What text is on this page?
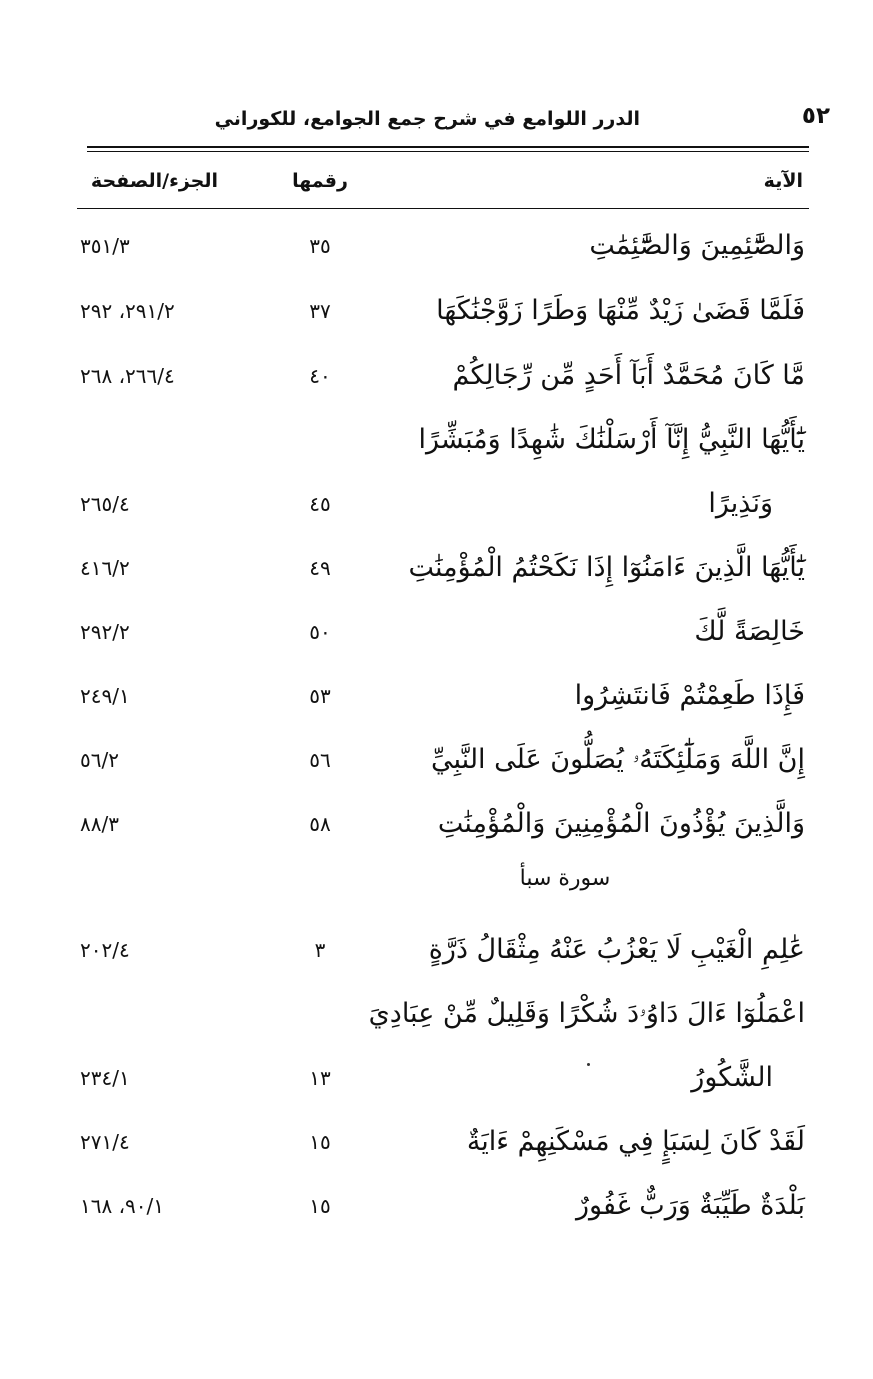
٥٢
الدرر اللوامع في شرح جمع الجوامع، للكوراني
الآية
رقمها
الجزء/الصفحة
وَالصَّٰٓئِمِينَ وَالصَّٰٓئِمَٰتِ
٣٥
٣٥١/٣
فَلَمَّا قَضَىٰ زَيْدٌ مِّنْهَا وَطَرًا زَوَّجْنَٰكَهَا
٣٧
٢٩١/٢، ٢٩٢
مَّا كَانَ مُحَمَّدٌ أَبَآ أَحَدٍ مِّن رِّجَالِكُمْ
٤٠
٢٦٦/٤، ٢٦٨
يَٰٓأَيُّهَا النَّبِيُّ إِنَّآ أَرْسَلْنَٰكَ شَٰهِدًا وَمُبَشِّرًا
وَنَذِيرًا
٤٥
٢٦٥/٤
يَٰٓأَيُّهَا الَّذِينَ ءَامَنُوٓا إِذَا نَكَحْتُمُ الْمُؤْمِنَٰتِ
٤٩
٤١٦/٢
خَالِصَةً لَّكَ
٥٠
٢٩٢/٢
فَإِذَا طَعِمْتُمْ فَانتَشِرُوا
٥٣
٢٤٩/١
إِنَّ اللَّهَ وَمَلَٰٓئِكَتَهُۥ يُصَلُّونَ عَلَى النَّبِيِّ
٥٦
٥٦/٢
وَالَّذِينَ يُؤْذُونَ الْمُؤْمِنِينَ وَالْمُؤْمِنَٰتِ
٥٨
٨٨/٣
سورة سبأ
عَٰلِمِ الْغَيْبِ لَا يَعْزُبُ عَنْهُ مِثْقَالُ ذَرَّةٍ
٣
٢٠٢/٤
اعْمَلُوٓا ءَالَ دَاوُۥدَ شُكْرًا وَقَلِيلٌ مِّنْ عِبَادِيَ
الشَّكُورُ
١٣
٢٣٤/١
لَقَدْ كَانَ لِسَبَإٍ فِي مَسْكَنِهِمْ ءَايَةٌ
١٥
٢٧١/٤
بَلْدَةٌ طَيِّبَةٌ وَرَبٌّ غَفُورٌ
١٥
٩٠/١، ١٦٨
